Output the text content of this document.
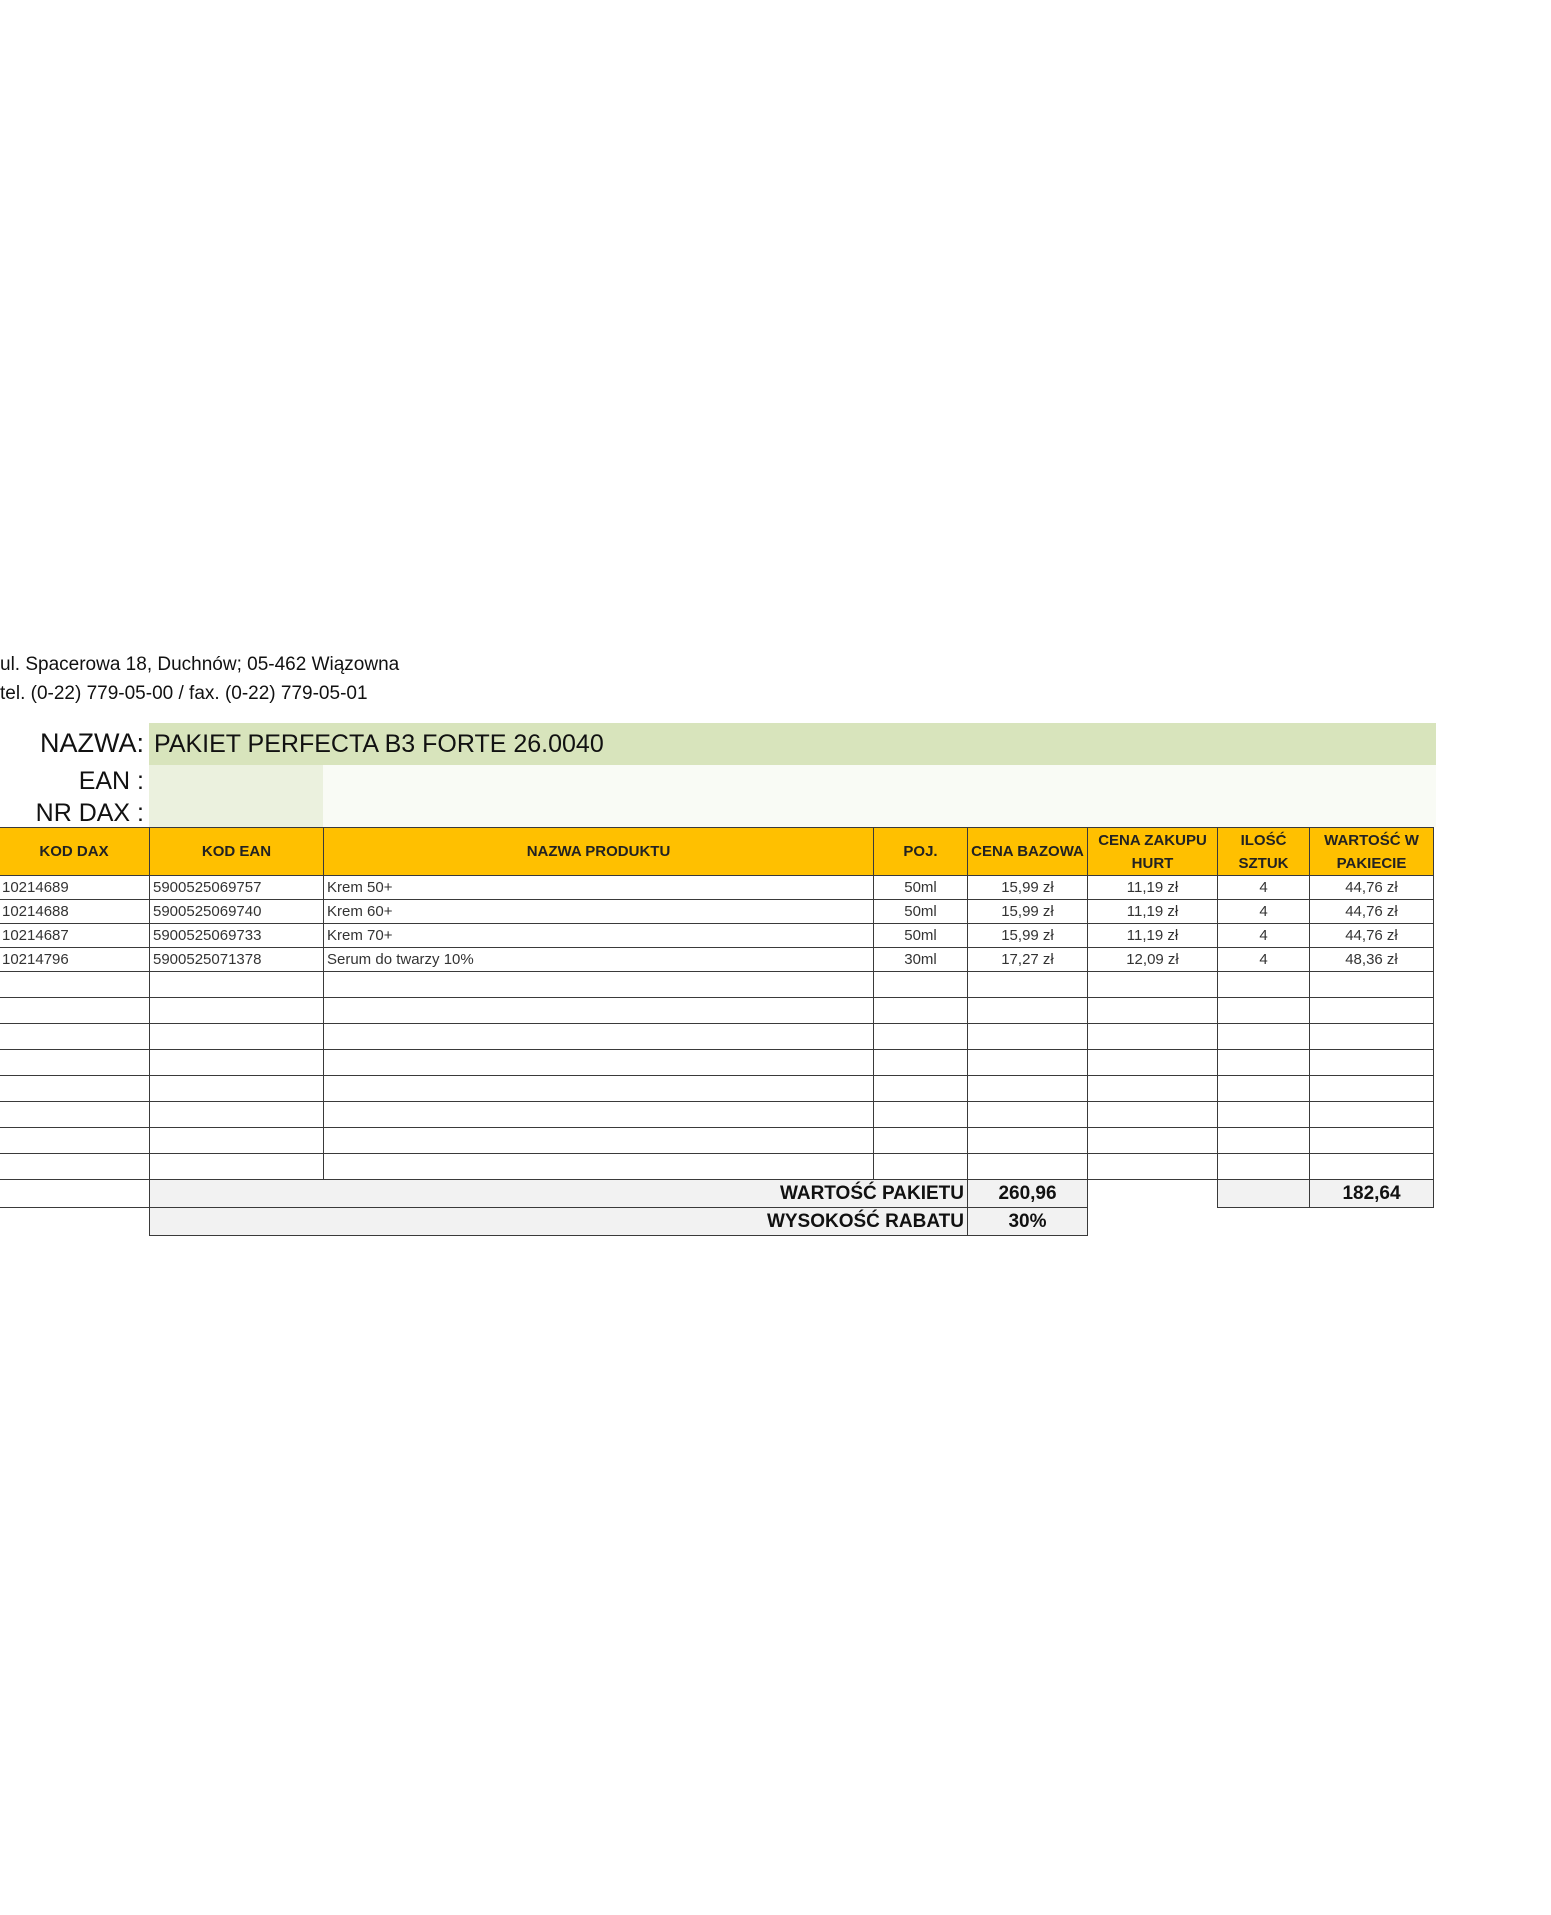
ul. Spacerowa 18, Duchnów; 05-462 Wiązowna
tel. (0-22) 779-05-00 / fax. (0-22) 779-05-01
NAZWA: PAKIET PERFECTA B3 FORTE 26.0040
EAN :
NR DAX :
KOD DAX	KOD EAN	NAZWA PRODUKTU	POJ.	CENA BAZOWA	CENA ZAKUPU HURT	ILOŚĆ SZTUK	WARTOŚĆ W PAKIECIE
10214689	5900525069757	Krem 50+	50ml	15,99 zł	11,19 zł	4	44,76 zł
10214688	5900525069740	Krem 60+	50ml	15,99 zł	11,19 zł	4	44,76 zł
10214687	5900525069733	Krem 70+	50ml	15,99 zł	11,19 zł	4	44,76 zł
10214796	5900525071378	Serum do twarzy 10%	30ml	17,27 zł	12,09 zł	4	48,36 zł

	WARTOŚĆ PAKIETU			260,96			182,64
	WYSOKOŚĆ RABATU			30%			
